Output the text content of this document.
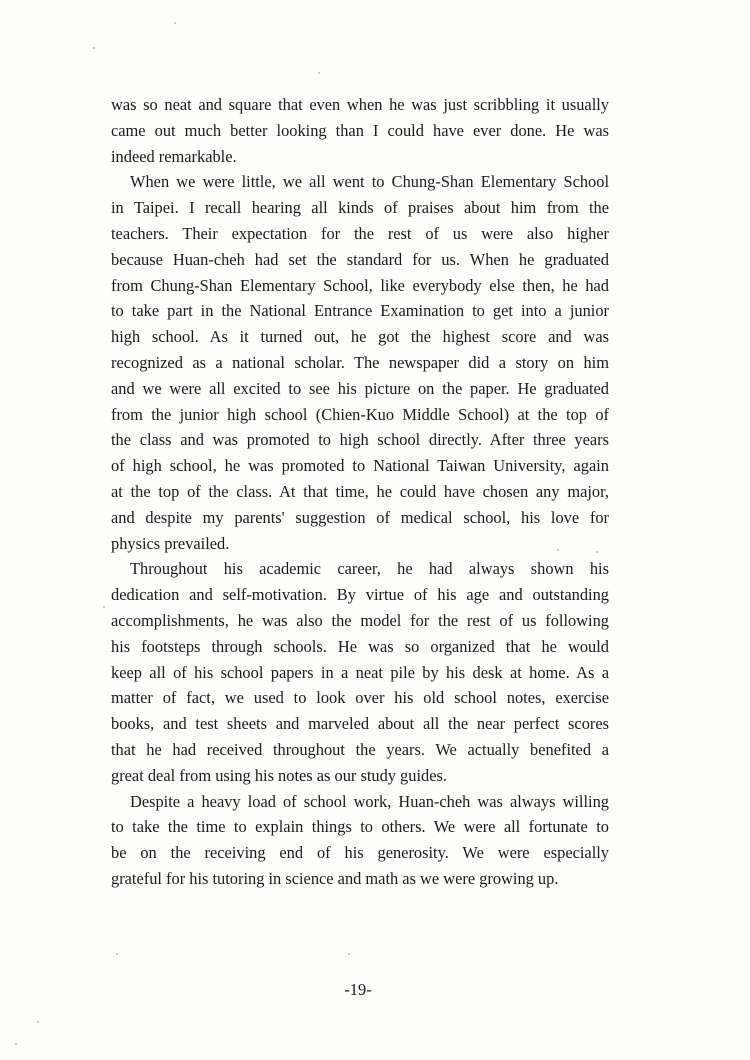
was so neat and square that even when he was just scribbling it usually
came out much better looking than I could have ever done. He was
indeed remarkable.
When we were little, we all went to Chung-Shan Elementary School
in Taipei. I recall hearing all kinds of praises about him from the
teachers. Their expectation for the rest of us were also higher
because Huan-cheh had set the standard for us. When he graduated
from Chung-Shan Elementary School, like everybody else then, he had
to take part in the National Entrance Examination to get into a junior
high school. As it turned out, he got the highest score and was
recognized as a national scholar. The newspaper did a story on him
and we were all excited to see his picture on the paper. He graduated
from the junior high school (Chien-Kuo Middle School) at the top of
the class and was promoted to high school directly. After three years
of high school, he was promoted to National Taiwan University, again
at the top of the class. At that time, he could have chosen any major,
and despite my parents' suggestion of medical school, his love for
physics prevailed.
Throughout his academic career, he had always shown his
dedication and self-motivation. By virtue of his age and outstanding
accomplishments, he was also the model for the rest of us following
his footsteps through schools. He was so organized that he would
keep all of his school papers in a neat pile by his desk at home. As a
matter of fact, we used to look over his old school notes, exercise
books, and test sheets and marveled about all the near perfect scores
that he had received throughout the years. We actually benefited a
great deal from using his notes as our study guides.
Despite a heavy load of school work, Huan-cheh was always willing
to take the time to explain things to others. We were all fortunate to
be on the receiving end of his generosity. We were especially
grateful for his tutoring in science and math as we were growing up.
-19-
